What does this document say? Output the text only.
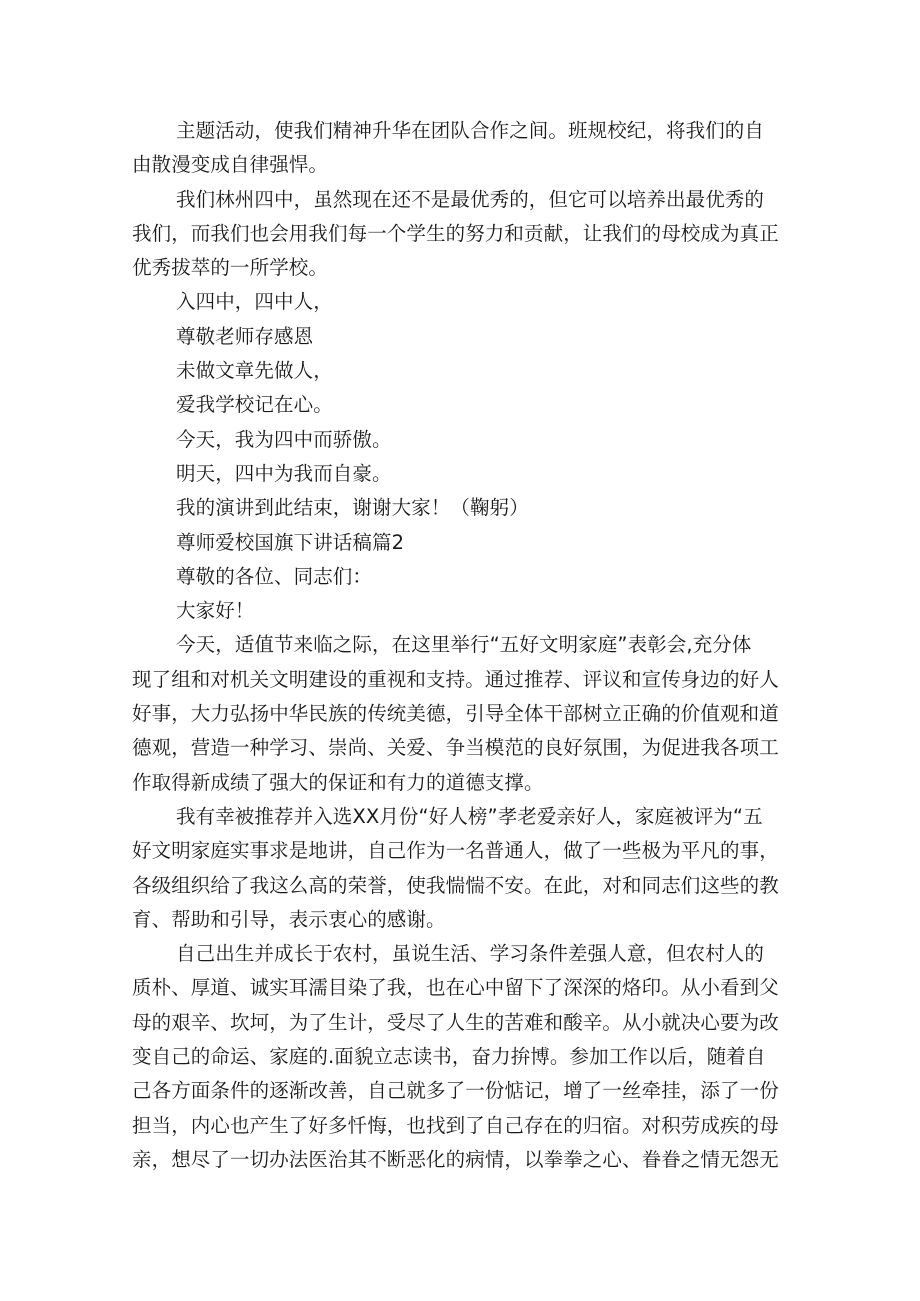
主题活动，使我们精神升华在团队合作之间。班规校纪，将我们的自
由散漫变成自律强悍。
我们林州四中，虽然现在还不是最优秀的，但它可以培养出最优秀的
我们，而我们也会用我们每一个学生的努力和贡献，让我们的母校成为真正
优秀拔萃的一所学校。
入四中，四中人，
尊敬老师存感恩
未做文章先做人，
爱我学校记在心。
今天，我为四中而骄傲。
明天，四中为我而自豪。
我的演讲到此结束，谢谢大家！（鞠躬）
尊师爱校国旗下讲话稿篇2
尊敬的各位、同志们：
大家好！
今天，适值节来临之际，在这里举行“五好文明家庭”表彰会,充分体
现了组和对机关文明建设的重视和支持。通过推荐、评议和宣传身边的好人
好事，大力弘扬中华民族的传统美德，引导全体干部树立正确的价值观和道
德观，营造一种学习、崇尚、关爱、争当模范的良好氛围，为促进我各项工
作取得新成绩了强大的保证和有力的道德支撑。
我有幸被推荐并入选XX月份“好人榜”孝老爱亲好人，家庭被评为“五
好文明家庭实事求是地讲，自己作为一名普通人，做了一些极为平凡的事，
各级组织给了我这么高的荣誉，使我惴惴不安。在此，对和同志们这些的教
育、帮助和引导，表示衷心的感谢。
自己出生并成长于农村，虽说生活、学习条件差强人意，但农村人的
质朴、厚道、诚实耳濡目染了我，也在心中留下了深深的烙印。从小看到父
母的艰辛、坎坷，为了生计，受尽了人生的苦难和酸辛。从小就决心要为改
变自己的命运、家庭的.面貌立志读书，奋力拚博。参加工作以后，随着自
己各方面条件的逐渐改善，自己就多了一份惦记，增了一丝牵挂，添了一份
担当，内心也产生了好多忏悔，也找到了自己存在的归宿。对积劳成疾的母
亲，想尽了一切办法医治其不断恶化的病情，以拳拳之心、眷眷之情无怨无
